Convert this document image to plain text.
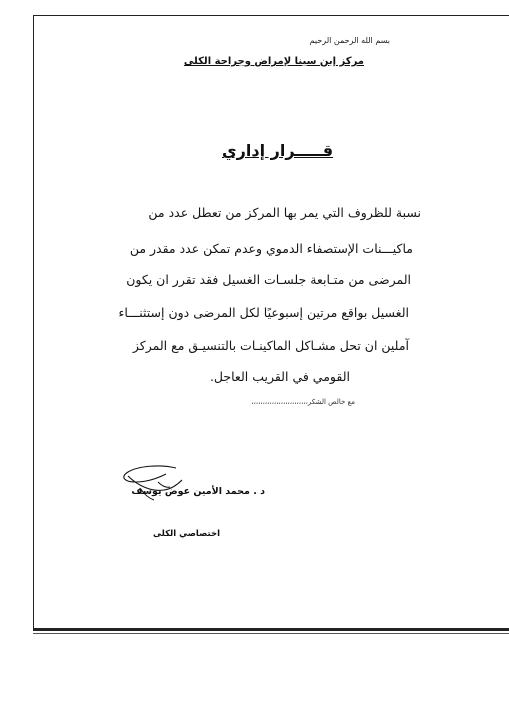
بسم الله الرحمن الرحيم
مركز إبن سينا لإمراض وجراحة الكلى
قـــــرار إداري
نسبة للظروف التي يمر بها المركز من تعطل عدد من
ماكيـــنات الإستصفاء الدموي وعدم تمكن عدد مقدر من
المرضى من متـابعة جلسـات الغسيل فقد تقرر ان يكون
الغسيل بواقع مرتين إسبوعيًا لكل المرضى دون إستثنـــاء
آملين ان تحل مشـاكل الماكينـات بالتنسيـق مع المركز
القومي في القريب العاجل.
مع خالص الشكر،،،،،،،،،،،،،،،،،،،،،،،،،
د . محمد الأمين عوض يوسف
اختصاصي الكلى
